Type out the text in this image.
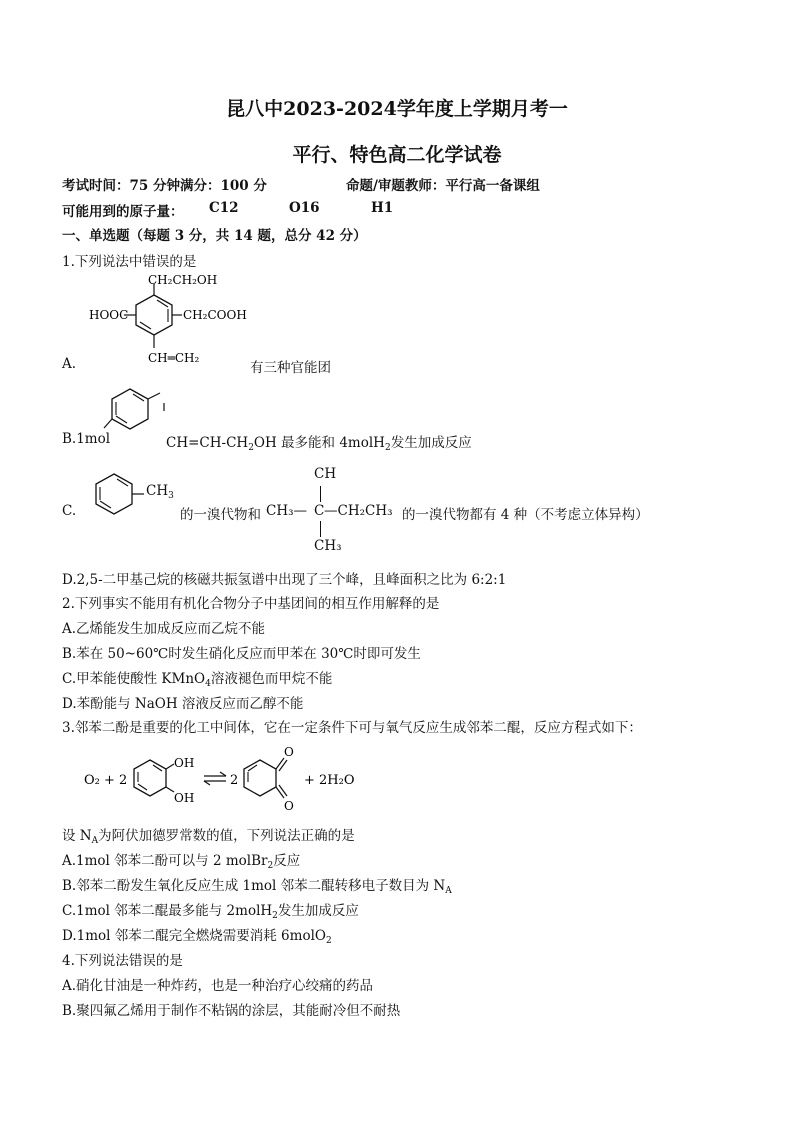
昆八中2023-2024学年度上学期月考一
平行、特色高二化学试卷
考试时间：75 分钟满分：100 分	命题/审题教师：平行高一备课组
可能用到的原子量： C12	O16	H1
一、单选题（每题 3 分，共 14 题，总分 42 分）
1.下列说法中错误的是
CH₂CH₂OH
HOOC	CH₂COOH
CH═CH₂
A.	有三种官能团
B.1mol	$CH=CH-CH_2OH$ 最多能和 4molH$_2$发生加成反应
$CH_3$
C.	的一溴代物和 CH₃— C —CH₂CH₃
CH
CH₃
的一溴代物都有 4 种（不考虑立体异构）
D.2,5-二甲基己烷的核磁共振氢谱中出现了三个峰，且峰面积之比为 6:2:1
2.下列事实不能用有机化合物分子中基团间的相互作用解释的是
A.乙烯能发生加成反应而乙烷不能
B.苯在 50~60℃时发生硝化反应而甲苯在 30℃时即可发生
C.甲苯能使酸性 KMnO$_4$溶液褪色而甲烷不能
D.苯酚能与 NaOH 溶液反应而乙醇不能
3.邻苯二酚是重要的化工中间体，它在一定条件下可与氧气反应生成邻苯二醌，反应方程式如下：
O₂ + 2
OH
OH
2
O
O
+ 2H₂O
设 $N_A$为阿伏加德罗常数的值，下列说法正确的是
A.1mol 邻苯二酚可以与 2 molBr$_2$反应
B.邻苯二酚发生氧化反应生成 1mol 邻苯二醌转移电子数目为 $N_A$
C.1mol 邻苯二醌最多能与 2molH$_2$发生加成反应
D.1mol 邻苯二醌完全燃烧需要消耗 6molO$_2$
4.下列说法错误的是
A.硝化甘油是一种炸药，也是一种治疗心绞痛的药品
B.聚四氟乙烯用于制作不粘锅的涂层，其能耐冷但不耐热
